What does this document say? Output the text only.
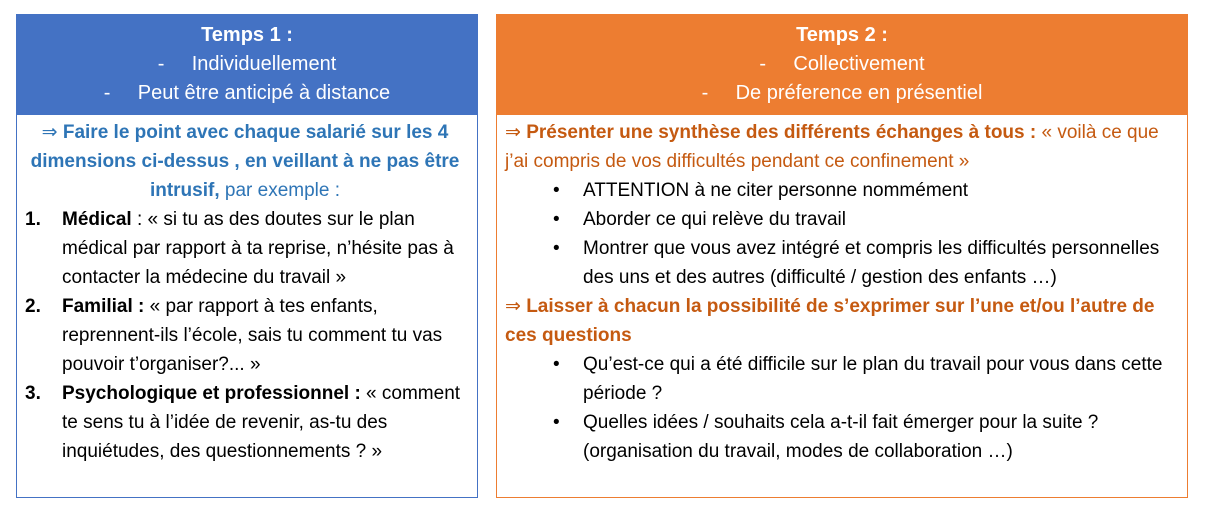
Temps 1 :
- Individuellement
- Peut être anticipé à distance
⇒ Faire le point avec chaque salarié sur les 4 dimensions ci-dessus , en veillant à ne pas être intrusif, par exemple :
1. Médical : « si tu as des doutes sur le plan médical par rapport à ta reprise, n’hésite pas à contacter la médecine du travail »
2. Familial : « par rapport à tes enfants, reprennent-ils l’école, sais tu comment tu vas pouvoir t’organiser?... »
3. Psychologique et professionnel : « comment te sens tu à l’idée de revenir, as-tu des inquiétudes, des questionnements ? »
Temps 2 :
- Collectivement
- De préference en présentiel
⇒ Présenter une synthèse des différents échanges à tous : « voilà ce que j’ai compris de vos difficultés pendant ce confinement »
• ATTENTION à ne citer personne nommément
• Aborder ce qui relève du travail
• Montrer que vous avez intégré et compris les difficultés personnelles des uns et des autres (difficulté / gestion des enfants …)
⇒ Laisser à chacun la possibilité de s’exprimer sur l’une et/ou l’autre de ces questions
• Qu’est-ce qui a été difficile sur le plan du travail pour vous dans cette période ?
• Quelles idées / souhaits cela a-t-il fait émerger pour la suite ? (organisation du travail, modes de collaboration …)
